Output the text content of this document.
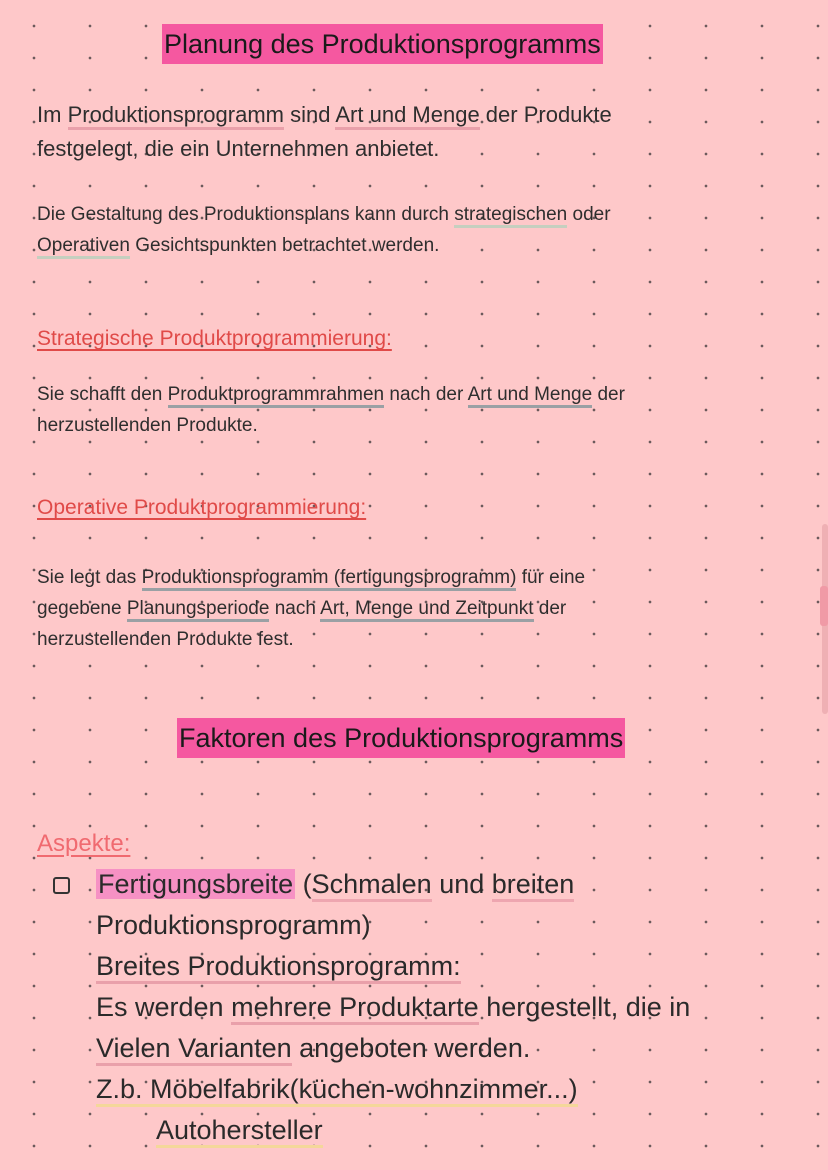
Planung des Produktionsprogramms
Im Produktionsprogramm sind Art und Menge der Produkte
festgelegt, die ein Unternehmen anbietet.
Die Gestaltung des Produktionsplans kann durch strategischen oder
Operativen Gesichtspunkten betrachtet werden.
Strategische Produktprogrammierung:
Sie schafft den Produktprogrammrahmen nach der Art und Menge der
herzustellenden Produkte.
Operative Produktprogrammierung:
Sie legt das Produktionsprogramm (fertigungsprogramm) für eine
gegebene Planungsperiode nach Art, Menge und Zeitpunkt der
herzustellenden Produkte fest.
Faktoren des Produktionsprogramms
Aspekte:
Fertigungsbreite (Schmalen und breiten
Produktionsprogramm)
Breites Produktionsprogramm:
Es werden mehrere Produktarte hergestellt, die in
Vielen Varianten angeboten werden.
Z.b. Möbelfabrik(küchen-wohnzimmer...)
Autohersteller
